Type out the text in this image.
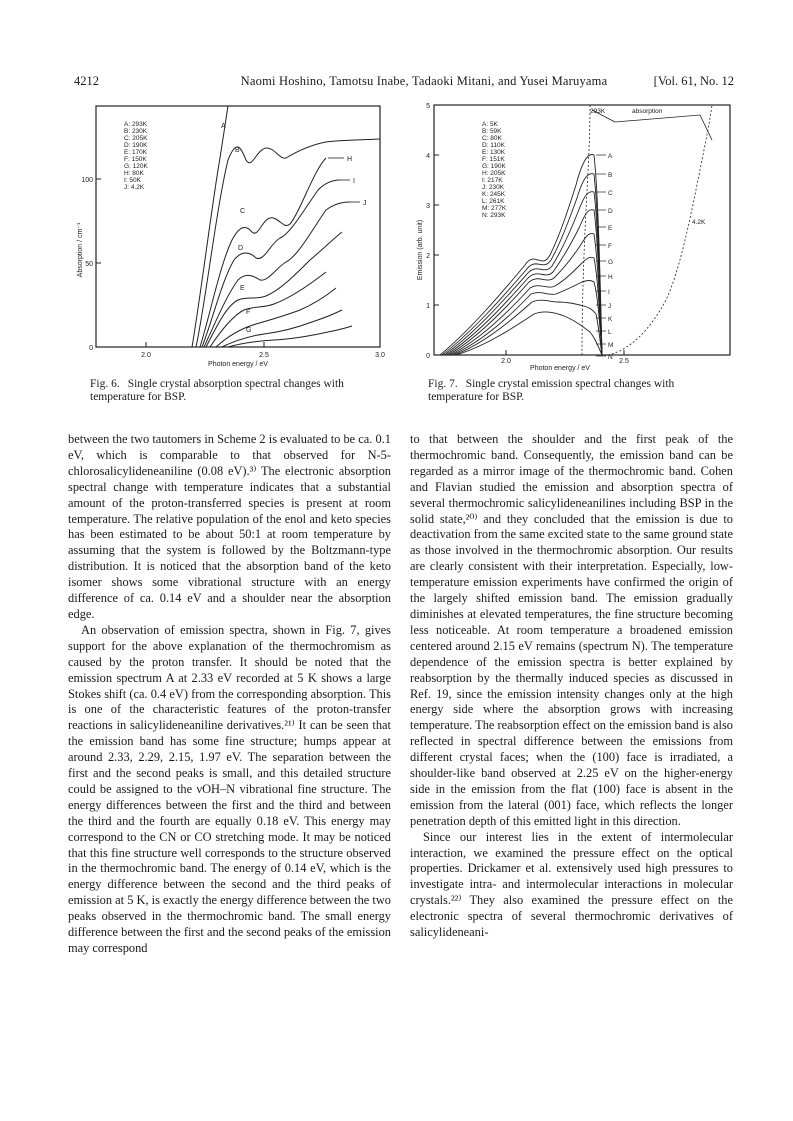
4212	Naomi Hoshino, Tamotsu Inabe, Tadaoki Mitani, and Yusei Maruyama	[Vol. 61, No. 12
2.0	2.5	3.0
0
50
100
Photon energy / eV
Absorption / cm⁻¹
A: 293K
B: 230K
C: 205K
D: 190K
E: 170K
F: 150K
G: 120K
H: 80K
I: 50K
J: 4.2K
A
B
C
D
E
F
G
H
I
J
Fig. 6. Single crystal absorption spectral changes with temperature for BSP.
2.0	2.5
0
1
2
3
4
5
Photon energy / eV
Emission (arb. unit)
A: 5K
B: 59K
C: 80K
D: 110K
E: 130K
F: 151K
G: 190K
H: 205K
I: 217K
J: 230K
K: 245K
L: 261K
M: 277K
N: 293K
A
B
C
D
E
F
G
H
I
J
K
L
M
N
293K	absorption
4.2K
Fig. 7. Single crystal emission spectral changes with temperature for BSP.

between the two tautomers in Scheme 2 is evaluated to be ca. 0.1 eV, which is comparable to that observed for N-5-chlorosalicylideneaniline (0.08 eV).³⁾ The electronic absorption spectral change with temperature indicates that a substantial amount of the proton-transferred species is present at room temperature. The relative population of the enol and keto species has been estimated to be about 50:1 at room temperature by assuming that the system is followed by the Boltzmann-type distribution. It is noticed that the absorption band of the keto isomer shows some vibrational structure with an energy difference of ca. 0.14 eV and a shoulder near the absorption edge.

An observation of emission spectra, shown in Fig. 7, gives support for the above explanation of the thermochromism as caused by the proton transfer. It should be noted that the emission spectrum A at 2.33 eV recorded at 5 K shows a large Stokes shift (ca. 0.4 eV) from the corresponding absorption. This is one of the characteristic features of the proton-transfer reactions in salicylideneaniline derivatives.²¹⁾ It can be seen that the emission band has some fine structure; humps appear at around 2.33, 2.29, 2.15, 1.97 eV. The separation between the first and the second peaks is small, and this detailed structure could be assigned to the νOH–N vibrational fine structure. The energy differences between the first and the third and between the third and the fourth are equally 0.18 eV. This energy may correspond to the CN or CO stretching mode. It may be noticed that this fine structure well corresponds to the structure observed in the thermochromic band. The energy of 0.14 eV, which is the energy difference between the second and the third peaks of emission at 5 K, is exactly the energy difference between the two peaks observed in the thermochromic band. The small energy difference between the first and the second peaks of the emission may correspond

to that between the shoulder and the first peak of the thermochromic band. Consequently, the emission band can be regarded as a mirror image of the thermochromic band. Cohen and Flavian studied the emission and absorption spectra of several thermochromic salicylideneanilines including BSP in the solid state,²⁰⁾ and they concluded that the emission is due to deactivation from the same excited state to the same ground state as those involved in the thermochromic absorption. Our results are clearly consistent with their interpretation. Especially, low-temperature emission experiments have confirmed the origin of the largely shifted emission band. The emission gradually diminishes at elevated temperatures, the fine structure becoming less noticeable. At room temperature a broadened emission centered around 2.15 eV remains (spectrum N). The temperature dependence of the emission spectra is better explained by reabsorption by the thermally induced species as discussed in Ref. 19, since the emission intensity changes only at the high energy side where the absorption grows with increasing temperature. The reabsorption effect on the emission band is also reflected in spectral difference between the emissions from different crystal faces; when the (100) face is irradiated, a shoulder-like band observed at 2.25 eV on the higher-energy side in the emission from the flat (100) face is absent in the emission from the lateral (001) face, which reflects the longer penetration depth of this emitted light in this direction.

Since our interest lies in the extent of intermolecular interaction, we examined the pressure effect on the optical properties. Drickamer et al. extensively used high pressures to investigate intra- and intermolecular interactions in molecular crystals.²²⁾ They also examined the pressure effect on the electronic spectra of several thermochromic derivatives of salicylideneani-
